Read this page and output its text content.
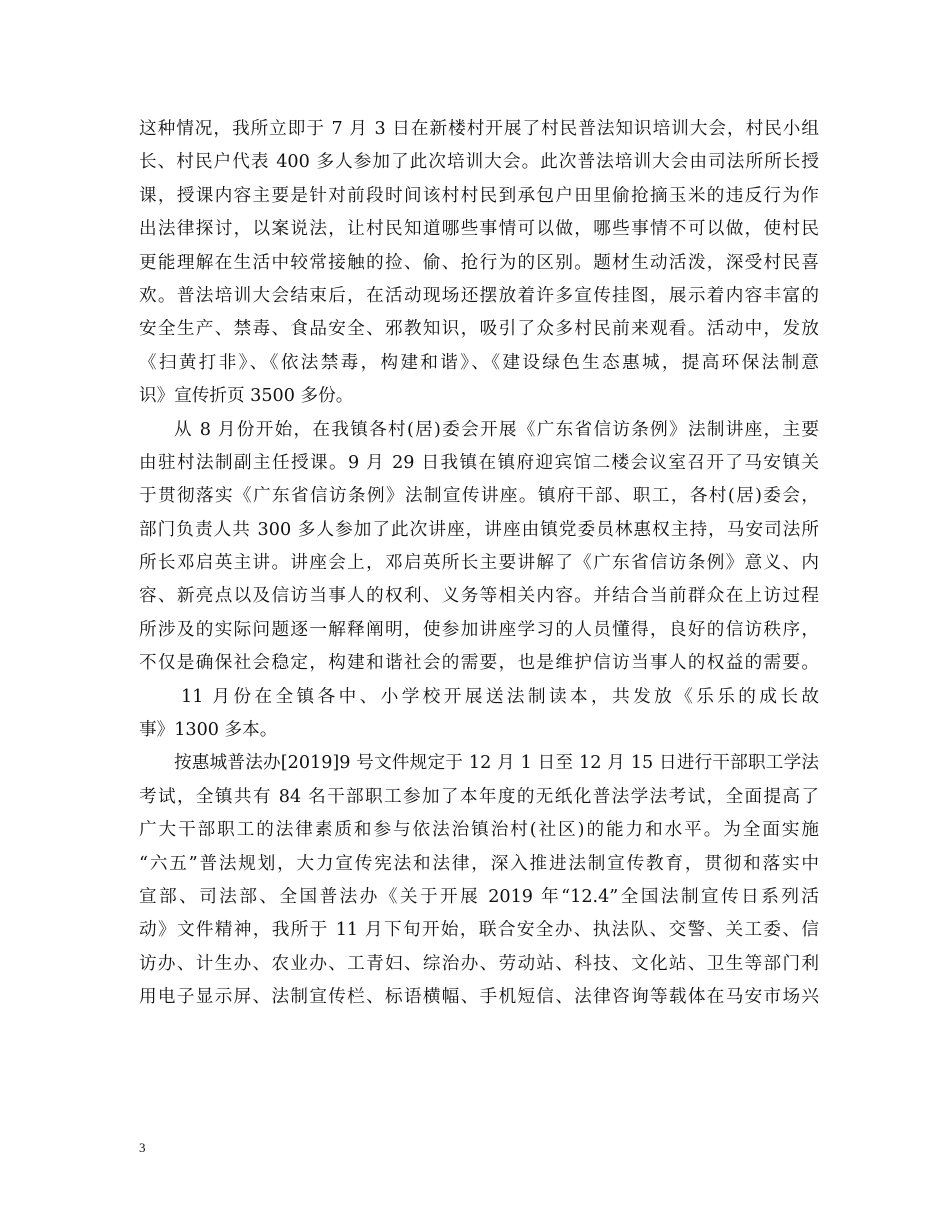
这种情况，我所立即于 7 月 3 日在新楼村开展了村民普法知识培训大会，村民小组
长、村民户代表 400 多人参加了此次培训大会。此次普法培训大会由司法所所长授
课，授课内容主要是针对前段时间该村村民到承包户田里偷抢摘玉米的违反行为作
出法律探讨，以案说法，让村民知道哪些事情可以做，哪些事情不可以做，使村民
更能理解在生活中较常接触的捡、偷、抢行为的区别。题材生动活泼，深受村民喜
欢。普法培训大会结束后，在活动现场还摆放着许多宣传挂图，展示着内容丰富的
安全生产、禁毒、食品安全、邪教知识，吸引了众多村民前来观看。活动中，发放
《扫黄打非》、《依法禁毒，构建和谐》、《建设绿色生态惠城，提高环保法制意
识》宣传折页 3500 多份。
从 8 月份开始，在我镇各村(居)委会开展《广东省信访条例》法制讲座，主要
由驻村法制副主任授课。9 月 29 日我镇在镇府迎宾馆二楼会议室召开了马安镇关
于贯彻落实《广东省信访条例》法制宣传讲座。镇府干部、职工，各村(居)委会，
部门负责人共 300 多人参加了此次讲座，讲座由镇党委员林惠权主持，马安司法所
所长邓启英主讲。讲座会上，邓启英所长主要讲解了《广东省信访条例》意义、内
容、新亮点以及信访当事人的权利、义务等相关内容。并结合当前群众在上访过程
所涉及的实际问题逐一解释阐明，使参加讲座学习的人员懂得，良好的信访秩序，
不仅是确保社会稳定，构建和谐社会的需要，也是维护信访当事人的权益的需要。
11 月份在全镇各中、小学校开展送法制读本，共发放《乐乐的成长故
事》1300 多本。
按惠城普法办[2019]9 号文件规定于 12 月 1 日至 12 月 15 日进行干部职工学法
考试，全镇共有 84 名干部职工参加了本年度的无纸化普法学法考试，全面提高了
广大干部职工的法律素质和参与依法治镇治村(社区)的能力和水平。为全面实施
“六五”普法规划，大力宣传宪法和法律，深入推进法制宣传教育，贯彻和落实中
宣部、司法部、全国普法办《关于开展 2019 年“12.4”全国法制宣传日系列活
动》文件精神，我所于 11 月下旬开始，联合安全办、执法队、交警、关工委、信
访办、计生办、农业办、工青妇、综治办、劳动站、科技、文化站、卫生等部门利
用电子显示屏、法制宣传栏、标语横幅、手机短信、法律咨询等载体在马安市场兴
3
